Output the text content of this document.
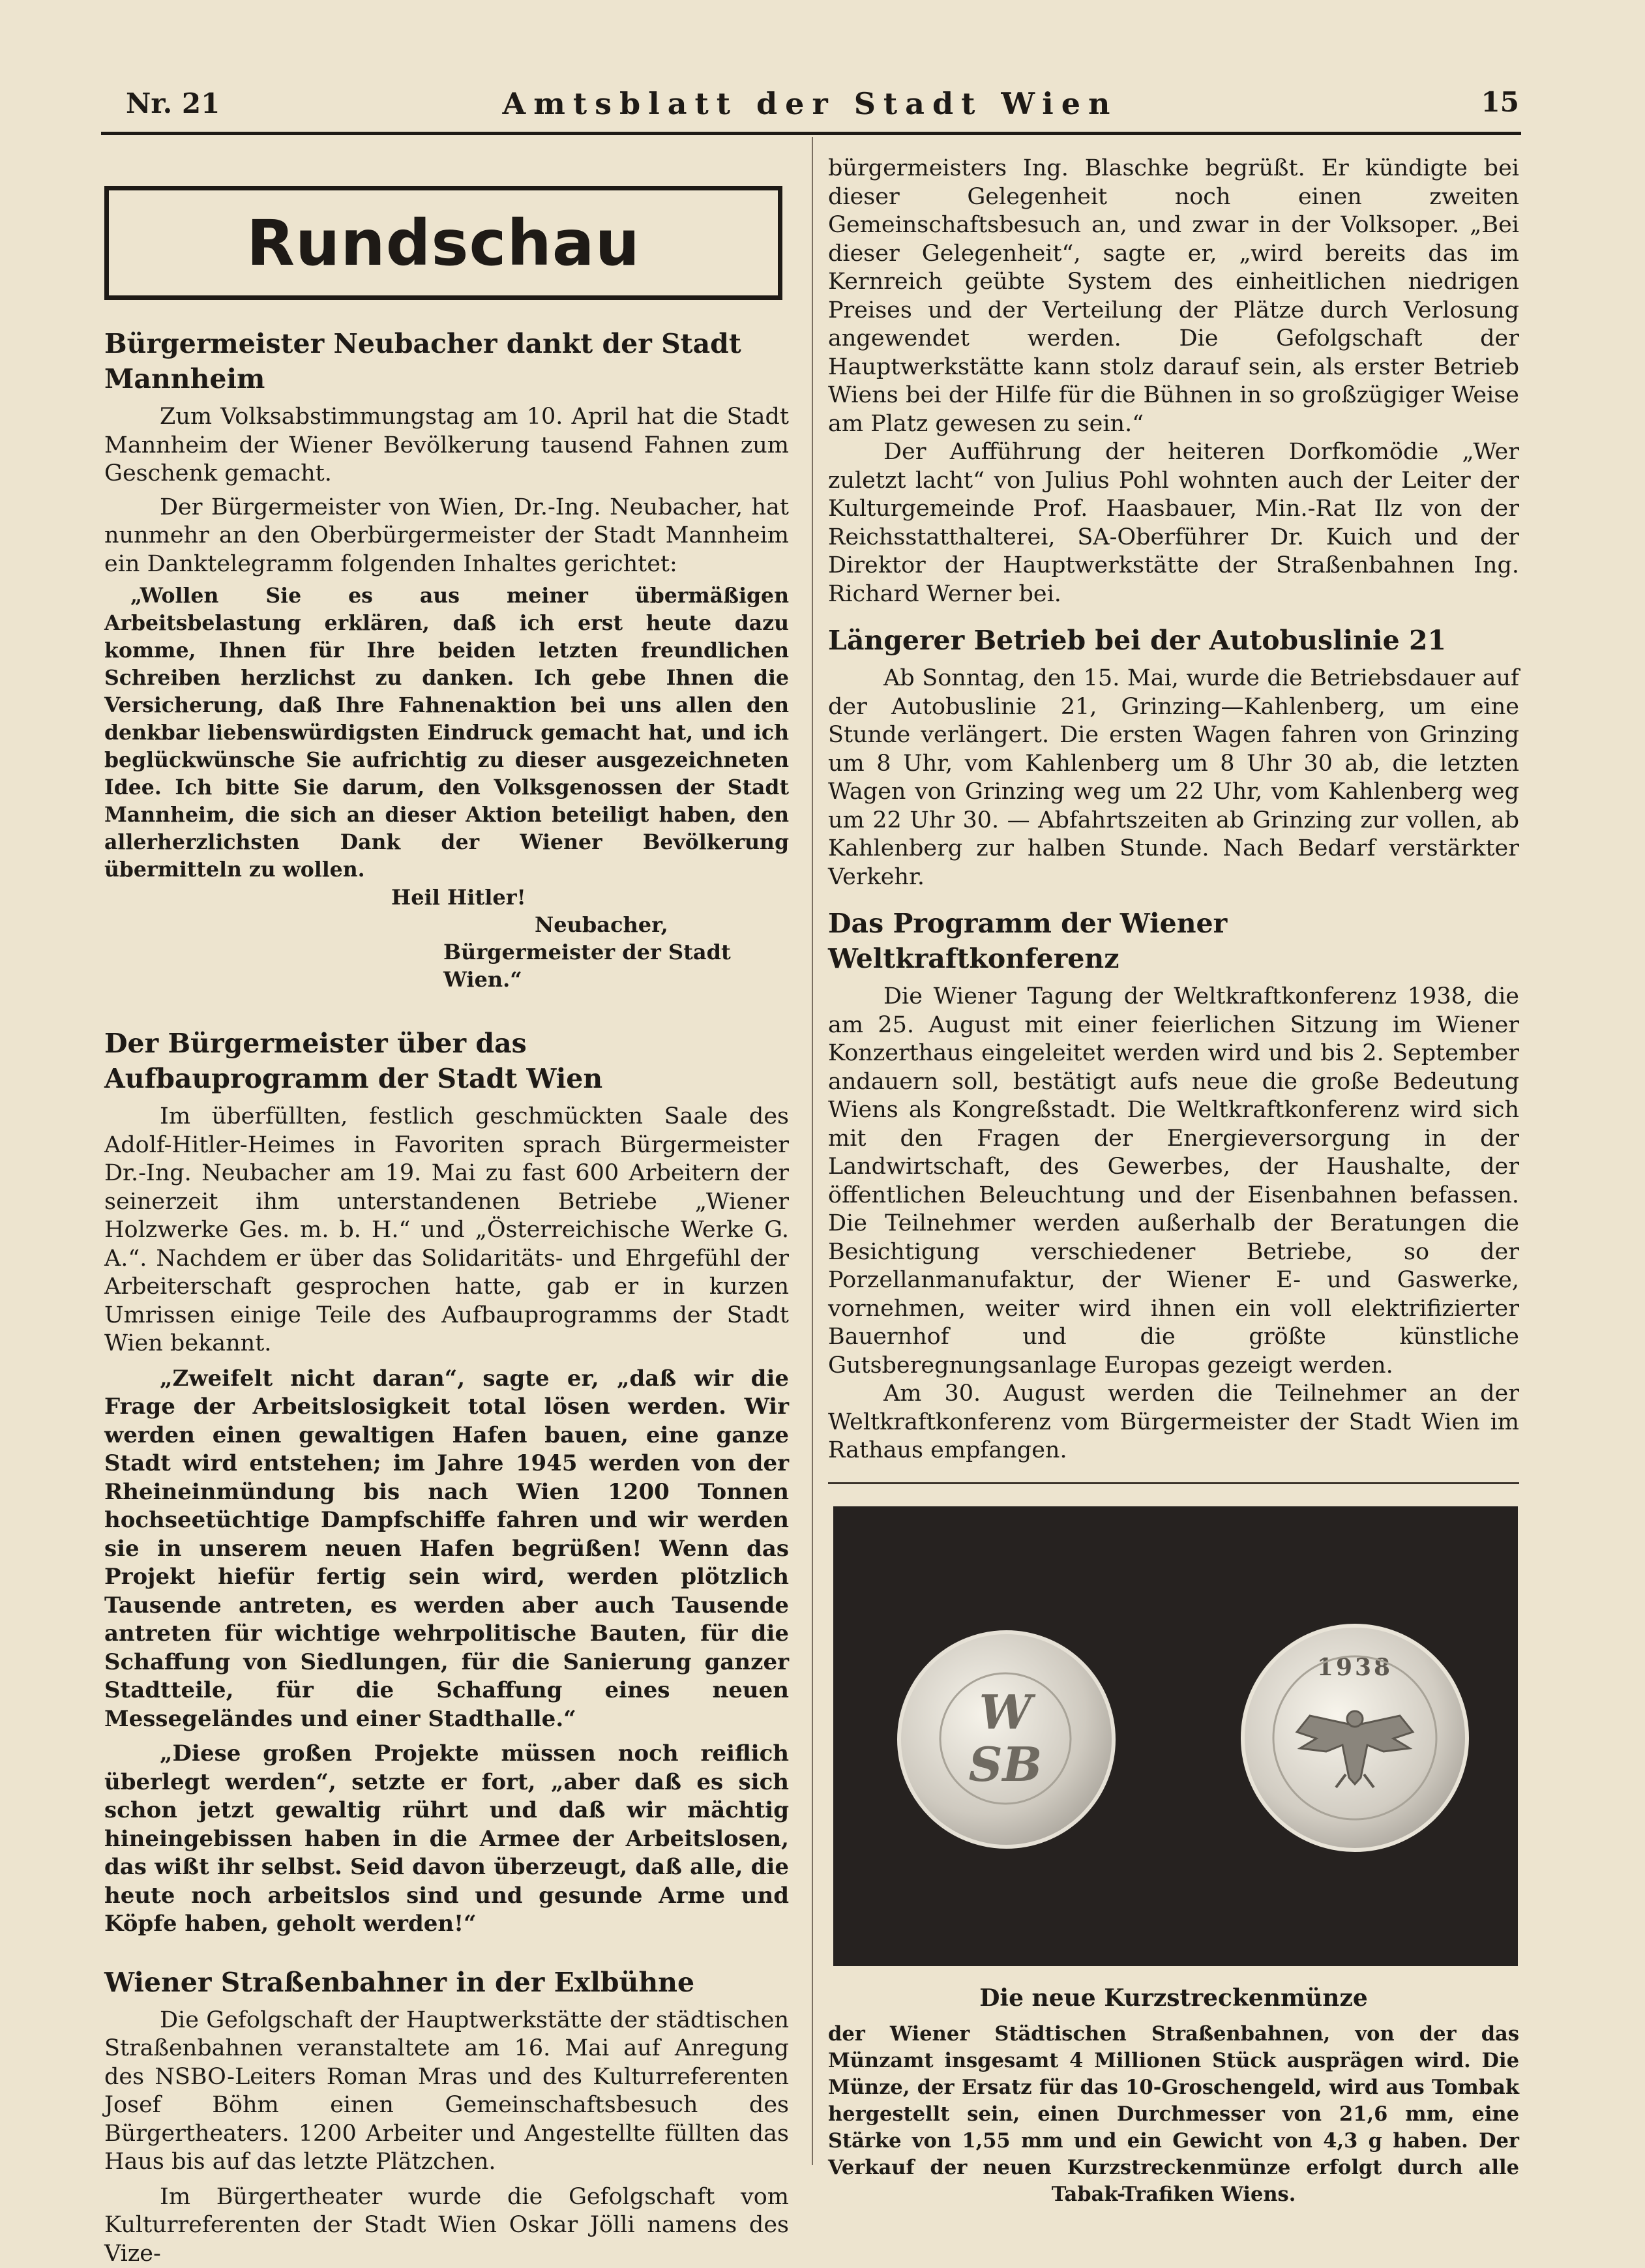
Nr. 21	Amtsblatt der Stadt Wien	15
Rundschau
Bürgermeister Neubacher dankt der Stadt Mannheim

Zum Volksabstimmungstag am 10. April hat die Stadt Mannheim der Wiener Bevölkerung tausend Fahnen zum Geschenk gemacht.

Der Bürgermeister von Wien, Dr.-Ing. Neubacher, hat nunmehr an den Oberbürgermeister der Stadt Mannheim ein Danktelegramm folgenden Inhaltes gerichtet:

„Wollen Sie es aus meiner übermäßigen Arbeitsbelastung erklären, daß ich erst heute dazu komme, Ihnen für Ihre beiden letzten freundlichen Schreiben herzlichst zu danken. Ich gebe Ihnen die Versicherung, daß Ihre Fahnenaktion bei uns allen den denkbar liebenswürdigsten Eindruck gemacht hat, und ich beglückwünsche Sie aufrichtig zu dieser ausgezeichneten Idee. Ich bitte Sie darum, den Volksgenossen der Stadt Mannheim, die sich an dieser Aktion beteiligt haben, den allerherzlichsten Dank der Wiener Bevölkerung übermitteln zu wollen.

Heil Hitler!
Neubacher,
Bürgermeister der Stadt Wien.“
Der Bürgermeister über das Aufbauprogramm der Stadt Wien

Im überfüllten, festlich geschmückten Saale des Adolf-Hitler-Heimes in Favoriten sprach Bürgermeister Dr.-Ing. Neubacher am 19. Mai zu fast 600 Arbeitern der seinerzeit ihm unterstandenen Betriebe „Wiener Holzwerke Ges. m. b. H.“ und „Österreichische Werke G. A.“. Nachdem er über das Solidaritäts- und Ehrgefühl der Arbeiterschaft gesprochen hatte, gab er in kurzen Umrissen einige Teile des Aufbauprogramms der Stadt Wien bekannt.

„Zweifelt nicht daran“, sagte er, „daß wir die Frage der Arbeitslosigkeit total lösen werden. Wir werden einen gewaltigen Hafen bauen, eine ganze Stadt wird entstehen; im Jahre 1945 werden von der Rheineinmündung bis nach Wien 1200 Tonnen hochseetüchtige Dampfschiffe fahren und wir werden sie in unserem neuen Hafen begrüßen! Wenn das Projekt hiefür fertig sein wird, werden plötzlich Tausende antreten, es werden aber auch Tausende antreten für wichtige wehrpolitische Bauten, für die Schaffung von Siedlungen, für die Sanierung ganzer Stadtteile, für die Schaffung eines neuen Messegeländes und einer Stadthalle.“

„Diese großen Projekte müssen noch reiflich überlegt werden“, setzte er fort, „aber daß es sich schon jetzt gewaltig rührt und daß wir mächtig hineingebissen haben in die Armee der Arbeitslosen, das wißt ihr selbst. Seid davon überzeugt, daß alle, die heute noch arbeitslos sind und gesunde Arme und Köpfe haben, geholt werden!“

Wiener Straßenbahner in der Exlbühne

Die Gefolgschaft der Hauptwerkstätte der städtischen Straßenbahnen veranstaltete am 16. Mai auf Anregung des NSBO-Leiters Roman Mras und des Kulturreferenten Josef Böhm einen Gemeinschaftsbesuch des Bürgertheaters. 1200 Arbeiter und Angestellte füllten das Haus bis auf das letzte Plätzchen.

Im Bürgertheater wurde die Gefolgschaft vom Kulturreferenten der Stadt Wien Oskar Jölli namens des Vize-

bürgermeisters Ing. Blaschke begrüßt. Er kündigte bei dieser Gelegenheit noch einen zweiten Gemeinschaftsbesuch an, und zwar in der Volksoper. „Bei dieser Gelegenheit“, sagte er, „wird bereits das im Kernreich geübte System des einheitlichen niedrigen Preises und der Verteilung der Plätze durch Verlosung angewendet werden. Die Gefolgschaft der Hauptwerkstätte kann stolz darauf sein, als erster Betrieb Wiens bei der Hilfe für die Bühnen in so großzügiger Weise am Platz gewesen zu sein.“

Der Aufführung der heiteren Dorfkomödie „Wer zuletzt lacht“ von Julius Pohl wohnten auch der Leiter der Kulturgemeinde Prof. Haasbauer, Min.-Rat Ilz von der Reichsstatthalterei, SA-Oberführer Dr. Kuich und der Direktor der Hauptwerkstätte der Straßenbahnen Ing. Richard Werner bei.

Längerer Betrieb bei der Autobuslinie 21

Ab Sonntag, den 15. Mai, wurde die Betriebsdauer auf der Autobuslinie 21, Grinzing—Kahlenberg, um eine Stunde verlängert. Die ersten Wagen fahren von Grinzing um 8 Uhr, vom Kahlenberg um 8 Uhr 30 ab, die letzten Wagen von Grinzing weg um 22 Uhr, vom Kahlenberg weg um 22 Uhr 30. — Abfahrtszeiten ab Grinzing zur vollen, ab Kahlenberg zur halben Stunde. Nach Bedarf verstärkter Verkehr.

Das Programm der Wiener Weltkraftkonferenz

Die Wiener Tagung der Weltkraftkonferenz 1938, die am 25. August mit einer feierlichen Sitzung im Wiener Konzerthaus eingeleitet werden wird und bis 2. September andauern soll, bestätigt aufs neue die große Bedeutung Wiens als Kongreßstadt. Die Weltkraftkonferenz wird sich mit den Fragen der Energieversorgung in der Landwirtschaft, des Gewerbes, der Haushalte, der öffentlichen Beleuchtung und der Eisenbahnen befassen. Die Teilnehmer werden außerhalb der Beratungen die Besichtigung verschiedener Betriebe, so der Porzellanmanufaktur, der Wiener E- und Gaswerke, vornehmen, weiter wird ihnen ein voll elektrifizierter Bauernhof und die größte künstliche Gutsberegnungsanlage Europas gezeigt werden.

Am 30. August werden die Teilnehmer an der Weltkraftkonferenz vom Bürgermeister der Stadt Wien im Rathaus empfangen.

W
SB
1938
Die neue Kurzstreckenmünze
der Wiener Städtischen Straßenbahnen, von der das Münzamt insgesamt 4 Millionen Stück ausprägen wird. Die Münze, der Ersatz für das 10-Groschengeld, wird aus Tombak hergestellt sein, einen Durchmesser von 21,6 mm, eine Stärke von 1,55 mm und ein Gewicht von 4,3 g haben. Der Verkauf der neuen Kurzstreckenmünze erfolgt durch alle Tabak-Trafiken Wiens.
